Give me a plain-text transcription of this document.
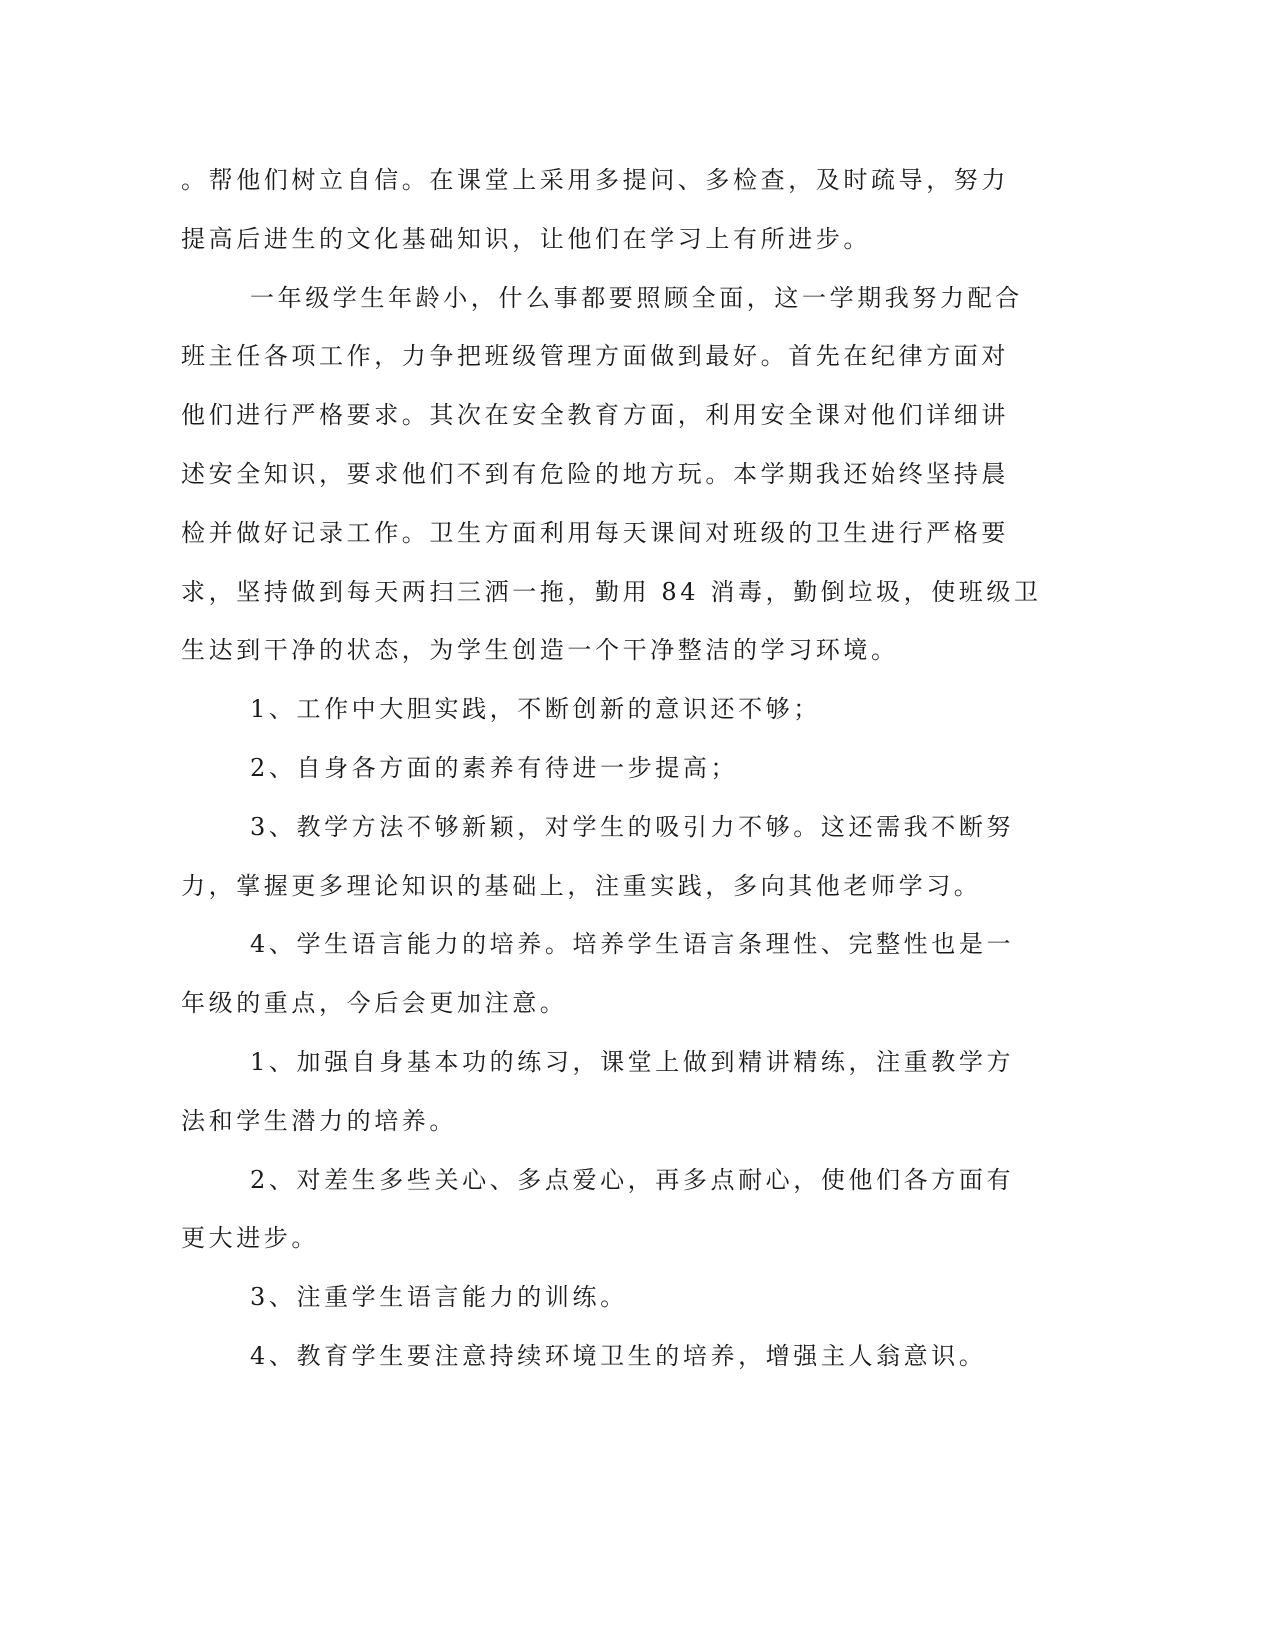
。帮他们树立自信。在课堂上采用多提问、多检查，及时疏导，努力
提高后进生的文化基础知识，让他们在学习上有所进步。
一年级学生年龄小，什么事都要照顾全面，这一学期我努力配合
班主任各项工作，力争把班级管理方面做到最好。首先在纪律方面对
他们进行严格要求。其次在安全教育方面，利用安全课对他们详细讲
述安全知识，要求他们不到有危险的地方玩。本学期我还始终坚持晨
检并做好记录工作。卫生方面利用每天课间对班级的卫生进行严格要
求，坚持做到每天两扫三洒一拖，勤用 84 消毒，勤倒垃圾，使班级卫
生达到干净的状态，为学生创造一个干净整洁的学习环境。
1、工作中大胆实践，不断创新的意识还不够；
2、自身各方面的素养有待进一步提高；
3、教学方法不够新颖，对学生的吸引力不够。这还需我不断努
力，掌握更多理论知识的基础上，注重实践，多向其他老师学习。
4、学生语言能力的培养。培养学生语言条理性、完整性也是一
年级的重点，今后会更加注意。
1、加强自身基本功的练习，课堂上做到精讲精练，注重教学方
法和学生潜力的培养。
2、对差生多些关心、多点爱心，再多点耐心，使他们各方面有
更大进步。
3、注重学生语言能力的训练。
4、教育学生要注意持续环境卫生的培养，增强主人翁意识。
